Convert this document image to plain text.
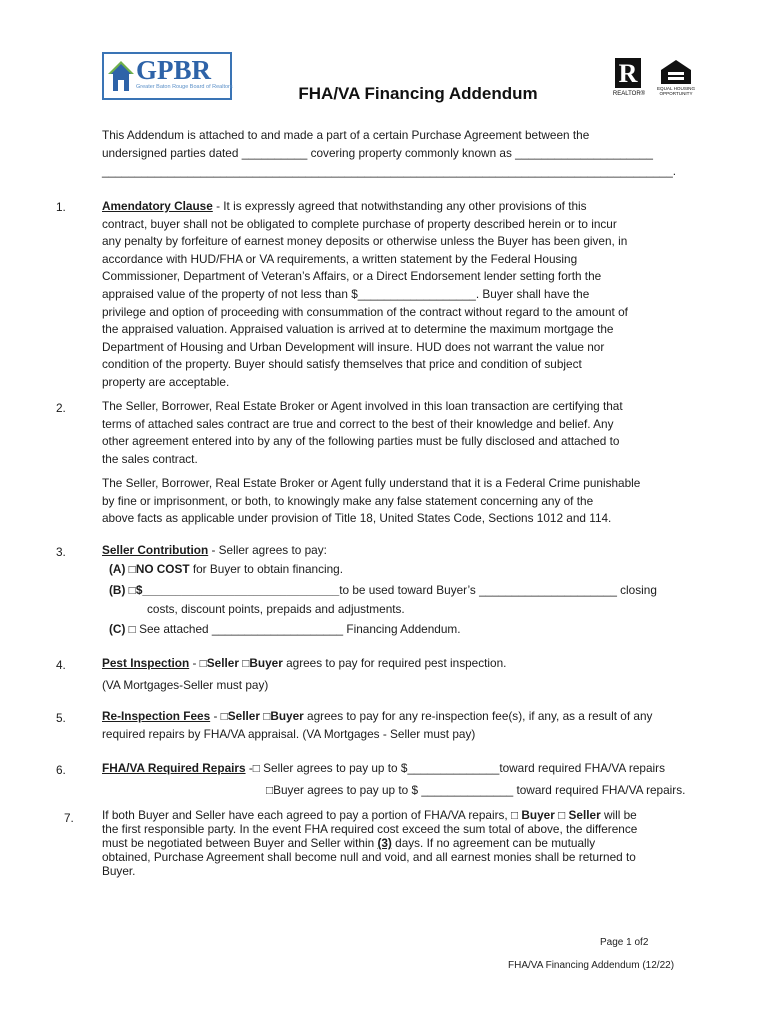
GPBR
Greater Baton Rouge Board of Realtors	R
REALTOR®
EQUAL HOUSING OPPORTUNITY
FHA/VA Financing Addendum
This Addendum is attached to and made a part of a certain Purchase Agreement between the
undersigned parties dated __________ covering property commonly known as _____________________
_______________________________________________________________________________________.
1.	Amendatory Clause - It is expressly agreed that notwithstanding any other provisions of this
contract, buyer shall not be obligated to complete purchase of property described herein or to incur
any penalty by forfeiture of earnest money deposits or otherwise unless the Buyer has been given, in
accordance with HUD/FHA or VA requirements, a written statement by the Federal Housing
Commissioner, Department of Veteran’s Affairs, or a Direct Endorsement lender setting forth the
appraised value of the property of not less than $__________________. Buyer shall have the
privilege and option of proceeding with consummation of the contract without regard to the amount of
the appraised valuation. Appraised valuation is arrived at to determine the maximum mortgage the
Department of Housing and Urban Development will insure. HUD does not warrant the value nor
condition of the property. Buyer should satisfy themselves that price and condition of subject
property are acceptable.
2.	The Seller, Borrower, Real Estate Broker or Agent involved in this loan transaction are certifying that
terms of attached sales contract are true and correct to the best of their knowledge and belief. Any
other agreement entered into by any of the following parties must be fully disclosed and attached to
the sales contract.
The Seller, Borrower, Real Estate Broker or Agent fully understand that it is a Federal Crime punishable
by fine or imprisonment, or both, to knowingly make any false statement concerning any of the
above facts as applicable under provision of Title 18, United States Code, Sections 1012 and 114.
3.	Seller Contribution - Seller agrees to pay:
(A) □NO COST for Buyer to obtain financing.
(B) □$______________________________to be used toward Buyer’s _____________________ closing
costs, discount points, prepaids and adjustments.
(C) □ See attached ____________________ Financing Addendum.
4.	Pest Inspection - □Seller □Buyer agrees to pay for required pest inspection.
(VA Mortgages-Seller must pay)
5.	Re-Inspection Fees - □Seller □Buyer agrees to pay for any re-inspection fee(s), if any, as a result of any
required repairs by FHA/VA appraisal. (VA Mortgages - Seller must pay)
6.	FHA/VA Required Repairs -□ Seller agrees to pay up to $______________toward required FHA/VA repairs
□Buyer agrees to pay up to $ ______________ toward required FHA/VA repairs.
7. If both Buyer and Seller have each agreed to pay a portion of FHA/VA repairs, □ Buyer □ Seller will be
the first responsible party. In the event FHA required cost exceed the sum total of above, the difference
must be negotiated between Buyer and Seller within (3) days. If no agreement can be mutually
obtained, Purchase Agreement shall become null and void, and all earnest monies shall be returned to
Buyer.
Page 1 of2
FHA/VA Financing Addendum (12/22)
